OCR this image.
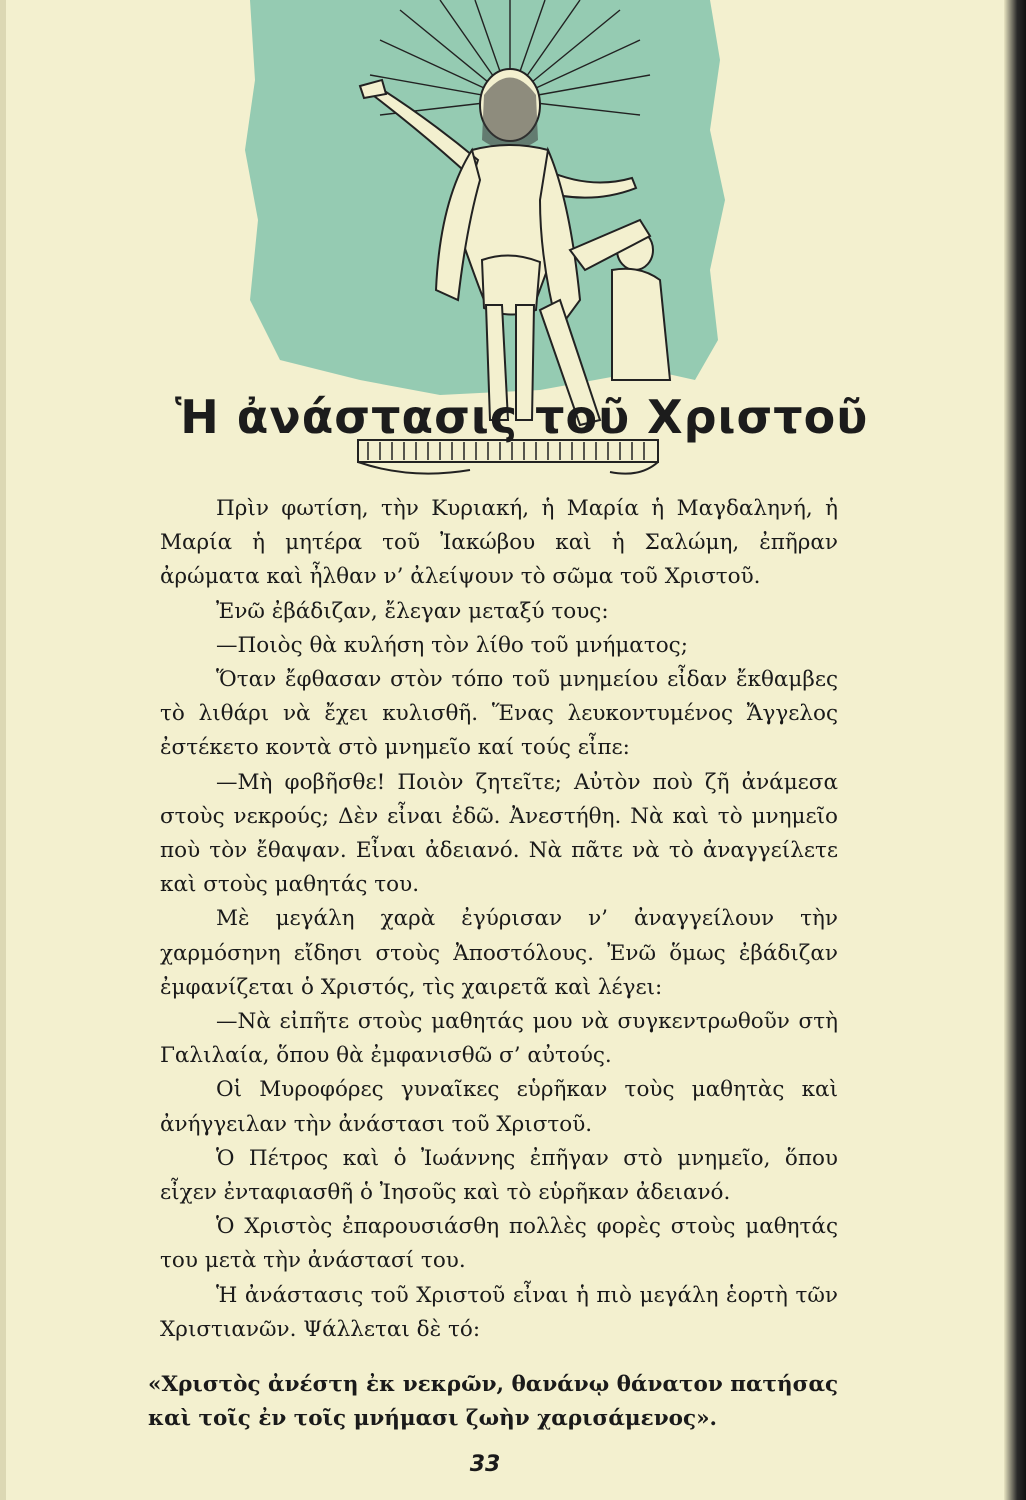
Ἡ ἀνάστασις τοῦ Χριστοῦ

Πρὶν φωτίση, τὴν Κυριακή, ἡ Μαρία ἡ Μαγδαληνή, ἡ Μαρία ἡ μητέρα τοῦ Ἰακώβου καὶ ἡ Σαλώμη, ἐπῆραν ἀρώματα καὶ ἦλθαν ν’ ἀλείψουν τὸ σῶμα τοῦ Χριστοῦ.

Ἐνῶ ἐβάδιζαν, ἔλεγαν μεταξύ τους:

—Ποιὸς θὰ κυλήση τὸν λίθο τοῦ μνήματος;

Ὅταν ἔφθασαν στὸν τόπο τοῦ μνημείου εἶδαν ἔκθαμβες τὸ λιθάρι νὰ ἔχει κυλισθῆ. Ἕνας λευκοντυμένος Ἄγγελος ἐστέκετο κοντὰ στὸ μνημεῖο καί τούς εἶπε:

—Μὴ φοβῆσθε! Ποιὸν ζητεῖτε; Αὐτὸν ποὺ ζῆ ἀνάμεσα στοὺς νεκρούς; Δὲν εἶναι ἐδῶ. Ἀνεστήθη. Νὰ καὶ τὸ μνημεῖο ποὺ τὸν ἔθαψαν. Εἶναι ἀδειανό. Νὰ πᾶτε νὰ τὸ ἀναγγείλετε καὶ στοὺς μαθητάς του.

Μὲ μεγάλη χαρὰ ἐγύρισαν ν’ ἀναγγείλουν τὴν χαρμόσηνη εἴδησι στοὺς Ἀποστόλους. Ἐνῶ ὅμως ἐβάδιζαν ἐμφανίζεται ὁ Χριστός, τὶς χαιρετᾶ καὶ λέγει:

—Νὰ εἰπῆτε στοὺς μαθητάς μου νὰ συγκεντρωθοῦν στὴ Γαλιλαία, ὅπου θὰ ἐμφανισθῶ σ’ αὐτούς.

Οἱ Μυροφόρες γυναῖκες εὑρῆκαν τοὺς μαθητὰς καὶ ἀνήγγειλαν τὴν ἀνάστασι τοῦ Χριστοῦ.

Ὁ Πέτρος καὶ ὁ Ἰωάννης ἐπῆγαν στὸ μνημεῖο, ὅπου εἶχεν ἐνταφιασθῆ ὁ Ἰησοῦς καὶ τὸ εὑρῆκαν ἀδειανό.

Ὁ Χριστὸς ἐπαρουσιάσθη πολλὲς φορὲς στοὺς μαθητάς του μετὰ τὴν ἀνάστασί του.

Ἡ ἀνάστασις τοῦ Χριστοῦ εἶναι ἡ πιὸ μεγάλη ἑορτὴ τῶν Χριστιανῶν. Ψάλλεται δὲ τό:

«Χριστὸς ἀνέστη ἐκ νεκρῶν, θανάνῳ θάνατον πατήσας
καὶ τοῖς ἐν τοῖς μνήμασι ζωὴν χαρισάμενος».
33
